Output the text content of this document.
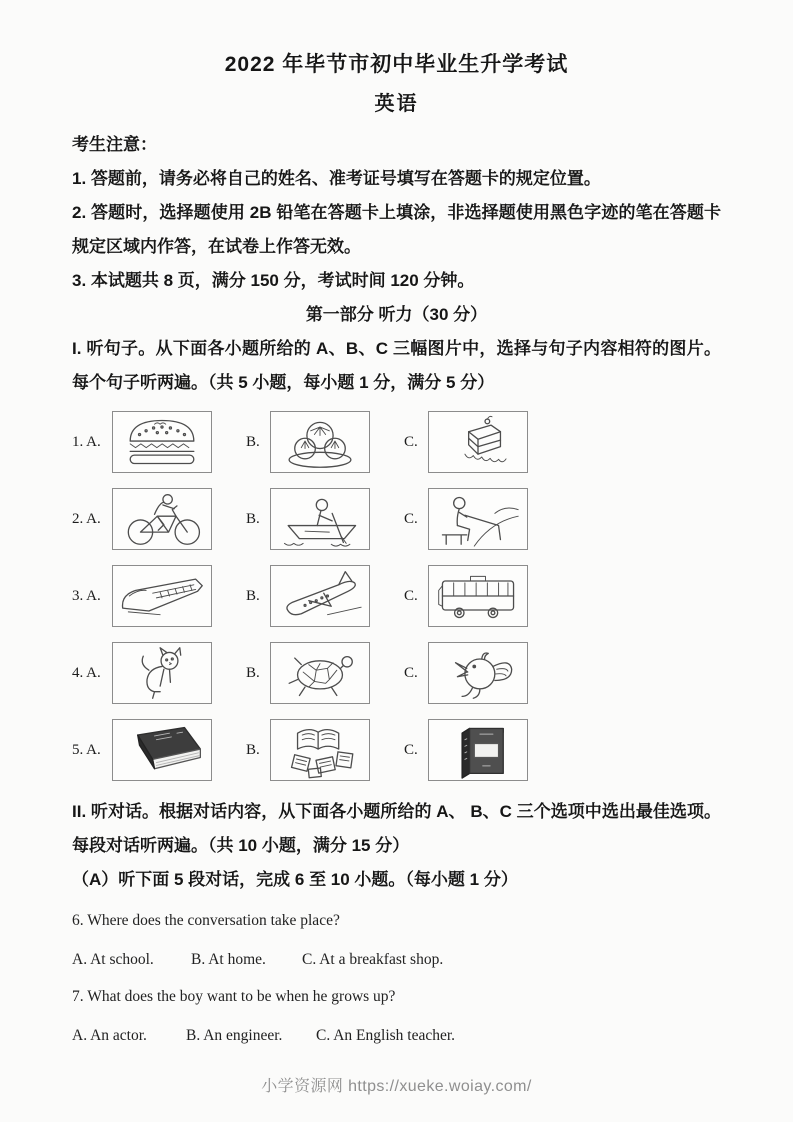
2022 年毕节市初中毕业生升学考试
英语

考生注意：

1. 答题前，请务必将自己的姓名、准考证号填写在答题卡的规定位置。

2. 答题时，选择题使用 2B 铅笔在答题卡上填涂，非选择题使用黑色字迹的笔在答题卡规定区域内作答，在试卷上作答无效。

3. 本试题共 8 页，满分 150 分，考试时间 120 分钟。

第一部分 听力（30 分）

I. 听句子。从下面各小题所给的 A、B、C 三幅图片中，选择与句子内容相符的图片。每个句子听两遍。（共 5 小题，每小题 1 分，满分 5 分）

1. A.	B.	C.
2. A.	B.	C.
3. A.	B.	C.
4. A.	B.	C.
5. A.	B.	C.

II. 听对话。根据对话内容，从下面各小题所给的 A、 B、C 三个选项中选出最佳选项。每段对话听两遍。（共 10 小题，满分 15 分）

（A）听下面 5 段对话，完成 6 至 10 小题。（每小题 1 分）

6. Where does the conversation take place?

A. At school.	B. At home.	C. At a breakfast shop.

7. What does the boy want to be when he grows up?

A. An actor.	B. An engineer.	C. An English teacher.
小学资源网 https://xueke.woiay.com/
